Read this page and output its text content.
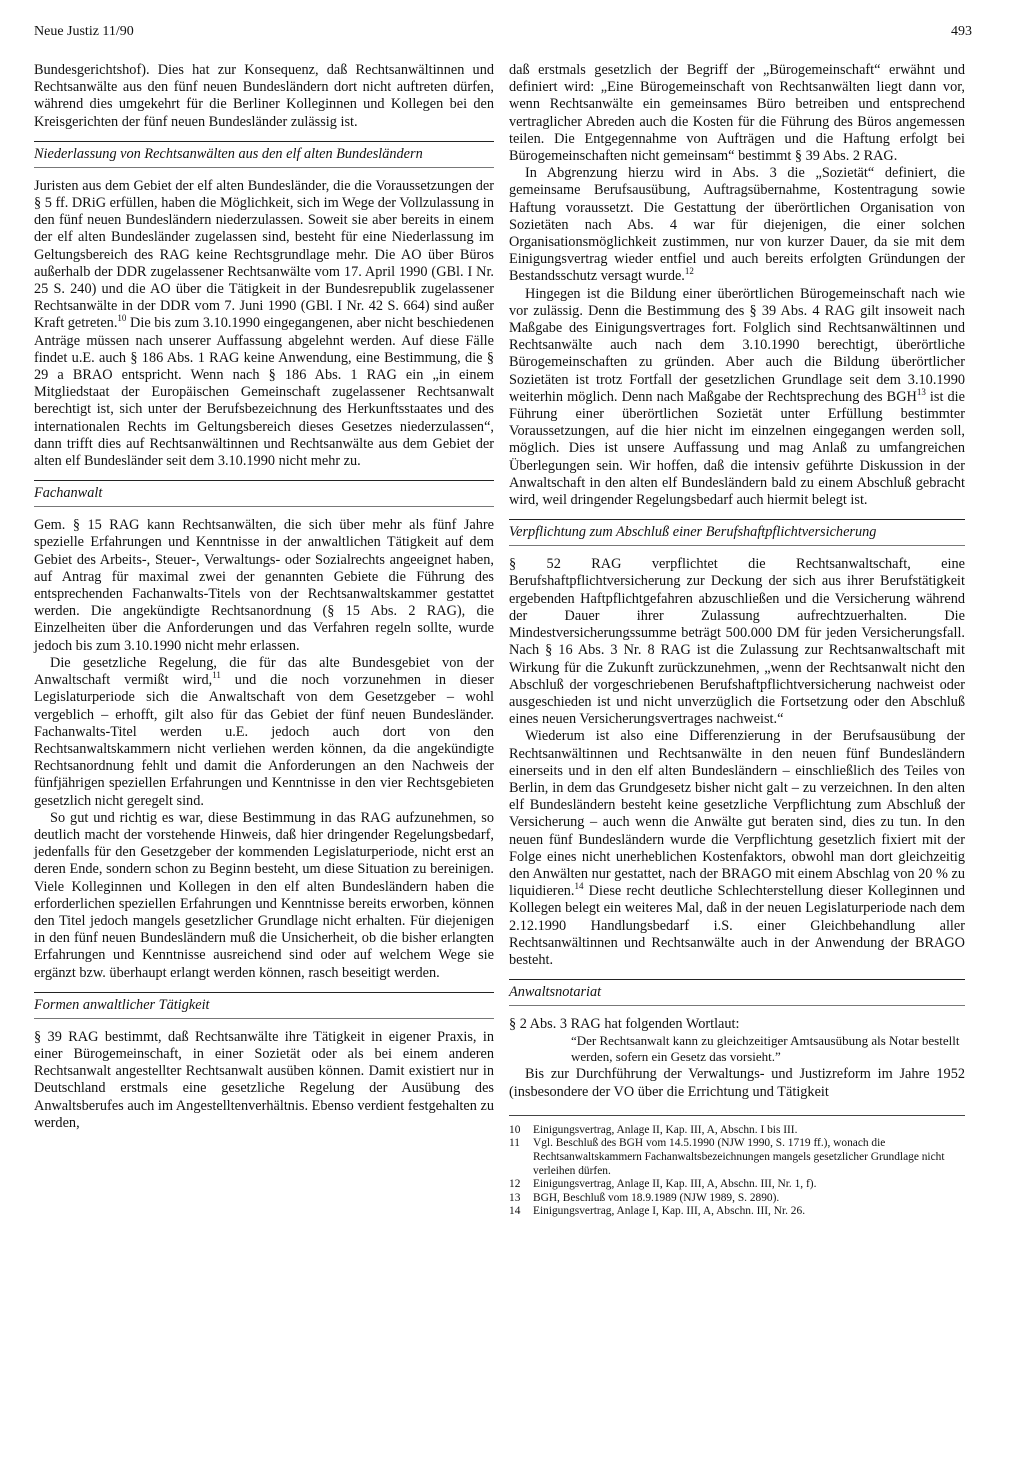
Neue Justiz 11/90	493

Bundesgerichtshof). Dies hat zur Konsequenz, daß Rechtsanwältinnen und Rechtsanwälte aus den fünf neuen Bundesländern dort nicht auftreten dürfen, während dies umgekehrt für die Berliner Kolleginnen und Kollegen bei den Kreisgerichten der fünf neuen Bundesländer zulässig ist.

Niederlassung von Rechtsanwälten aus den elf alten Bundesländern

Juristen aus dem Gebiet der elf alten Bundesländer, die die Voraussetzungen der § 5 ff. DRiG erfüllen, haben die Möglichkeit, sich im Wege der Vollzulassung in den fünf neuen Bundesländern niederzulassen. Soweit sie aber bereits in einem der elf alten Bundesländer zugelassen sind, besteht für eine Niederlassung im Geltungsbereich des RAG keine Rechtsgrundlage mehr. Die AO über Büros außerhalb der DDR zugelassener Rechtsanwälte vom 17. April 1990 (GBl. I Nr. 25 S. 240) und die AO über die Tätigkeit in der Bundesrepublik zugelassener Rechtsanwälte in der DDR vom 7. Juni 1990 (GBl. I Nr. 42 S. 664) sind außer Kraft getreten.$^{10}$ Die bis zum 3.10.1990 eingegangenen, aber nicht beschiedenen Anträge müssen nach unserer Auffassung abgelehnt werden. Auf diese Fälle findet u.E. auch § 186 Abs. 1 RAG keine Anwendung, eine Bestimmung, die § 29 a BRAO entspricht. Wenn nach § 186 Abs. 1 RAG ein „in einem Mitgliedstaat der Europäischen Gemeinschaft zugelassener Rechtsanwalt berechtigt ist, sich unter der Berufsbezeichnung des Herkunftsstaates und des internationalen Rechts im Geltungsbereich dieses Gesetzes niederzulassen“, dann trifft dies auf Rechtsanwältinnen und Rechtsanwälte aus dem Gebiet der alten elf Bundesländer seit dem 3.10.1990 nicht mehr zu.

Fachanwalt

Gem. § 15 RAG kann Rechtsanwälten, die sich über mehr als fünf Jahre spezielle Erfahrungen und Kenntnisse in der anwaltlichen Tätigkeit auf dem Gebiet des Arbeits-, Steuer-, Verwaltungs- oder Sozialrechts angeeignet haben, auf Antrag für maximal zwei der genannten Gebiete die Führung des entsprechenden Fachanwalts-Titels von der Rechtsanwaltskammer gestattet werden. Die angekündigte Rechtsanordnung (§ 15 Abs. 2 RAG), die Einzelheiten über die Anforderungen und das Verfahren regeln sollte, wurde jedoch bis zum 3.10.1990 nicht mehr erlassen.

Die gesetzliche Regelung, die für das alte Bundesgebiet von der Anwaltschaft vermißt wird,$^{11}$ und die noch vorzunehmen in dieser Legislaturperiode sich die Anwaltschaft von dem Gesetzgeber – wohl vergeblich – erhofft, gilt also für das Gebiet der fünf neuen Bundesländer. Fachanwalts-Titel werden u.E. jedoch auch dort von den Rechtsanwaltskammern nicht verliehen werden können, da die angekündigte Rechtsanordnung fehlt und damit die Anforderungen an den Nachweis der fünfjährigen speziellen Erfahrungen und Kenntnisse in den vier Rechtsgebieten gesetzlich nicht geregelt sind.

So gut und richtig es war, diese Bestimmung in das RAG aufzunehmen, so deutlich macht der vorstehende Hinweis, daß hier dringender Regelungsbedarf, jedenfalls für den Gesetzgeber der kommenden Legislaturperiode, nicht erst an deren Ende, sondern schon zu Beginn besteht, um diese Situation zu bereinigen. Viele Kolleginnen und Kollegen in den elf alten Bundesländern haben die erforderlichen speziellen Erfahrungen und Kenntnisse bereits erworben, können den Titel jedoch mangels gesetzlicher Grundlage nicht erhalten. Für diejenigen in den fünf neuen Bundesländern muß die Unsicherheit, ob die bisher erlangten Erfahrungen und Kenntnisse ausreichend sind oder auf welchem Wege sie ergänzt bzw. überhaupt erlangt werden können, rasch beseitigt werden.

Formen anwaltlicher Tätigkeit

§ 39 RAG bestimmt, daß Rechtsanwälte ihre Tätigkeit in eigener Praxis, in einer Bürogemeinschaft, in einer Sozietät oder als bei einem anderen Rechtsanwalt angestellter Rechtsanwalt ausüben können. Damit existiert nur in Deutschland erstmals eine gesetzliche Regelung der Ausübung des Anwaltsberufes auch im Angestelltenverhältnis. Ebenso verdient festgehalten zu werden,

daß erstmals gesetzlich der Begriff der „Bürogemeinschaft“ erwähnt und definiert wird: „Eine Bürogemeinschaft von Rechtsanwälten liegt dann vor, wenn Rechtsanwälte ein gemeinsames Büro betreiben und entsprechend vertraglicher Abreden auch die Kosten für die Führung des Büros angemessen teilen. Die Entgegennahme von Aufträgen und die Haftung erfolgt bei Bürogemeinschaften nicht gemeinsam“ bestimmt § 39 Abs. 2 RAG.

In Abgrenzung hierzu wird in Abs. 3 die „Sozietät“ definiert, die gemeinsame Berufsausübung, Auftragsübernahme, Kostentragung sowie Haftung voraussetzt. Die Gestattung der überörtlichen Organisation von Sozietäten nach Abs. 4 war für diejenigen, die einer solchen Organisationsmöglichkeit zustimmen, nur von kurzer Dauer, da sie mit dem Einigungsvertrag wieder entfiel und auch bereits erfolgten Gründungen der Bestandsschutz versagt wurde.$^{12}$

Hingegen ist die Bildung einer überörtlichen Bürogemeinschaft nach wie vor zulässig. Denn die Bestimmung des § 39 Abs. 4 RAG gilt insoweit nach Maßgabe des Einigungsvertrages fort. Folglich sind Rechtsanwältinnen und Rechtsanwälte auch nach dem 3.10.1990 berechtigt, überörtliche Bürogemeinschaften zu gründen. Aber auch die Bildung überörtlicher Sozietäten ist trotz Fortfall der gesetzlichen Grundlage seit dem 3.10.1990 weiterhin möglich. Denn nach Maßgabe der Rechtsprechung des BGH$^{13}$ ist die Führung einer überörtlichen Sozietät unter Erfüllung bestimmter Voraussetzungen, auf die hier nicht im einzelnen eingegangen werden soll, möglich. Dies ist unsere Auffassung und mag Anlaß zu umfangreichen Überlegungen sein. Wir hoffen, daß die intensiv geführte Diskussion in der Anwaltschaft in den alten elf Bundesländern bald zu einem Abschluß gebracht wird, weil dringender Regelungsbedarf auch hiermit belegt ist.

Verpflichtung zum Abschluß einer Berufshaftpflichtversicherung

§ 52 RAG verpflichtet die Rechtsanwaltschaft, eine Berufshaftpflichtversicherung zur Deckung der sich aus ihrer Berufstätigkeit ergebenden Haftpflichtgefahren abzuschließen und die Versicherung während der Dauer ihrer Zulassung aufrechtzuerhalten. Die Mindestversicherungssumme beträgt 500.000 DM für jeden Versicherungsfall. Nach § 16 Abs. 3 Nr. 8 RAG ist die Zulassung zur Rechtsanwaltschaft mit Wirkung für die Zukunft zurückzunehmen, „wenn der Rechtsanwalt nicht den Abschluß der vorgeschriebenen Berufshaftpflichtversicherung nachweist oder ausgeschieden ist und nicht unverzüglich die Fortsetzung oder den Abschluß eines neuen Versicherungsvertrages nachweist.“

Wiederum ist also eine Differenzierung in der Berufsausübung der Rechtsanwältinnen und Rechtsanwälte in den neuen fünf Bundesländern einerseits und in den elf alten Bundesländern – einschließlich des Teiles von Berlin, in dem das Grundgesetz bisher nicht galt – zu verzeichnen. In den alten elf Bundesländern besteht keine gesetzliche Verpflichtung zum Abschluß der Versicherung – auch wenn die Anwälte gut beraten sind, dies zu tun. In den neuen fünf Bundesländern wurde die Verpflichtung gesetzlich fixiert mit der Folge eines nicht unerheblichen Kostenfaktors, obwohl man dort gleichzeitig den Anwälten nur gestattet, nach der BRAGO mit einem Abschlag von 20 % zu liquidieren.$^{14}$ Diese recht deutliche Schlechterstellung dieser Kolleginnen und Kollegen belegt ein weiteres Mal, daß in der neuen Legislaturperiode nach dem 2.12.1990 Handlungsbedarf i.S. einer Gleichbehandlung aller Rechtsanwältinnen und Rechtsanwälte auch in der Anwendung der BRAGO besteht.

Anwaltsnotariat

§ 2 Abs. 3 RAG hat folgenden Wortlaut:

“Der Rechtsanwalt kann zu gleichzeitiger Amtsausübung als Notar bestellt werden, sofern ein Gesetz das vorsieht.”

Bis zur Durchführung der Verwaltungs- und Justizreform im Jahre 1952 (insbesondere der VO über die Errichtung und Tätigkeit

10	Einigungsvertrag, Anlage II, Kap. III, A, Abschn. I bis III.
11	Vgl. Beschluß des BGH vom 14.5.1990 (NJW 1990, S. 1719 ff.), wonach die Rechtsanwaltskammern Fachanwaltsbezeichnungen mangels gesetzlicher Grundlage nicht verleihen dürfen.
12	Einigungsvertrag, Anlage II, Kap. III, A, Abschn. III, Nr. 1, f).
13	BGH, Beschluß vom 18.9.1989 (NJW 1989, S. 2890).
14	Einigungsvertrag, Anlage I, Kap. III, A, Abschn. III, Nr. 26.
